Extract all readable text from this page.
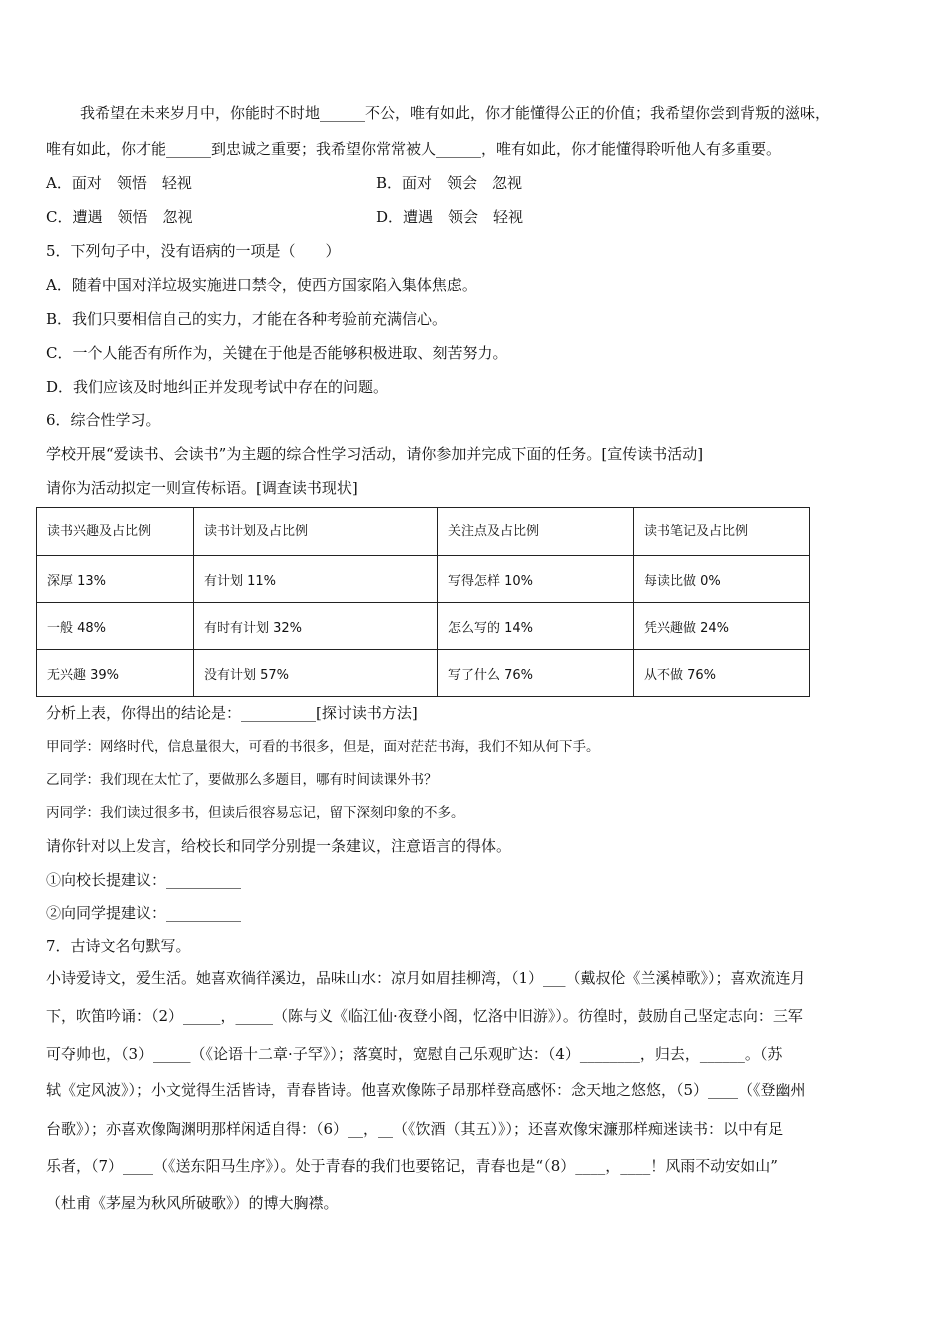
我希望在未来岁月中，你能时不时地______不公，唯有如此，你才能懂得公正的价值；我希望你尝到背叛的滋味，
唯有如此，你才能______到忠诚之重要；我希望你常常被人______，唯有如此，你才能懂得聆听他人有多重要。
A．面对　领悟　轻视	B．面对　领会　忽视
C．遭遇　领悟　忽视	D．遭遇　领会　轻视
5．下列句子中，没有语病的一项是（　　）
A．随着中国对洋垃圾实施进口禁令，使西方国家陷入集体焦虑。
B．我们只要相信自己的实力，才能在各种考验前充满信心。
C．一个人能否有所作为，关键在于他是否能够积极进取、刻苦努力。
D．我们应该及时地纠正并发现考试中存在的问题。
6．综合性学习。
学校开展“爱读书、会读书”为主题的综合性学习活动，请你参加并完成下面的任务。[宣传读书活动]
请你为活动拟定一则宣传标语。[调查读书现状]
读书兴趣及占比例	读书计划及占比例	关注点及占比例	读书笔记及占比例
深厚 13%	有计划 11%	写得怎样 10%	每读比做 0%
一般 48%	有时有计划 32%	怎么写的 14%	凭兴趣做 24%
无兴趣 39%	没有计划 57%	写了什么 76%	从不做 76%
分析上表，你得出的结论是：__________[探讨读书方法]
甲同学：网络时代，信息量很大，可看的书很多，但是，面对茫茫书海，我们不知从何下手。
乙同学：我们现在太忙了，要做那么多题目，哪有时间读课外书？
丙同学：我们读过很多书，但读后很容易忘记，留下深刻印象的不多。
请你针对以上发言，给校长和同学分别提一条建议，注意语言的得体。
①向校长提建议：__________
②向同学提建议：__________
7．古诗文名句默写。
小诗爱诗文，爱生活。她喜欢徜徉溪边，品味山水：凉月如眉挂柳湾，（1）___（戴叔伦《兰溪棹歌》）；喜欢流连月
下，吹笛吟诵：（2）_____，_____（陈与义《临江仙·夜登小阁，忆洛中旧游》）。彷徨时，鼓励自己坚定志向：三军
可夺帅也，（3）_____（《论语十二章·子罕》）；落寞时，宽慰自己乐观旷达：（4）________，归去，______。（苏
轼《定风波》）；小文觉得生活皆诗，青春皆诗。他喜欢像陈子昂那样登高感怀：念天地之悠悠，（5）____（《登幽州
台歌》）；亦喜欢像陶渊明那样闲适自得：（6）__，__（《饮酒（其五）》）；还喜欢像宋濂那样痴迷读书：以中有足
乐者，（7）____（《送东阳马生序》）。处于青春的我们也要铭记，青春也是“（8）____，____！风雨不动安如山”
（杜甫《茅屋为秋风所破歌》）的博大胸襟。
